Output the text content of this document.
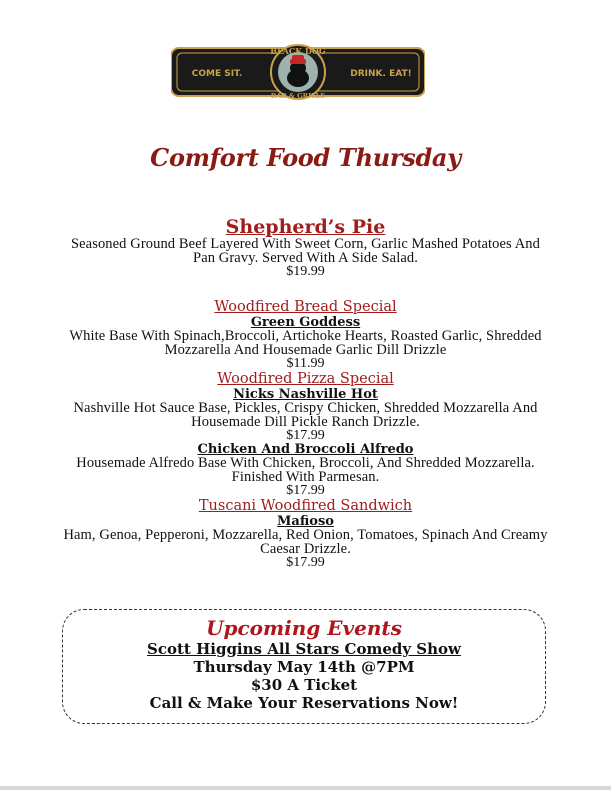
COME SIT.	DRINK. EAT!
BLACK DOG
BAR & GRILLE
Comfort Food Thursday
Shepherd’s Pie
Seasoned Ground Beef Layered With Sweet Corn, Garlic Mashed Potatoes And
Pan Gravy. Served With A Side Salad.
$19.99
Woodfired Bread Special
Green Goddess
White Base With Spinach,Broccoli, Artichoke Hearts, Roasted Garlic, Shredded
Mozzarella And Housemade Garlic Dill Drizzle
$11.99
Woodfired Pizza Special
Nicks Nashville Hot
Nashville Hot Sauce Base, Pickles, Crispy Chicken, Shredded Mozzarella And
Housemade Dill Pickle Ranch Drizzle.
$17.99
Chicken And Broccoli Alfredo
Housemade Alfredo Base With Chicken, Broccoli, And Shredded Mozzarella.
Finished With Parmesan.
$17.99
Tuscani Woodfired Sandwich
Mafioso
Ham, Genoa, Pepperoni, Mozzarella, Red Onion, Tomatoes, Spinach And Creamy
Caesar Drizzle.
$17.99
Upcoming Events
Scott Higgins All Stars Comedy Show
Thursday May 14th @7PM
$30 A Ticket
Call & Make Your Reservations Now!
